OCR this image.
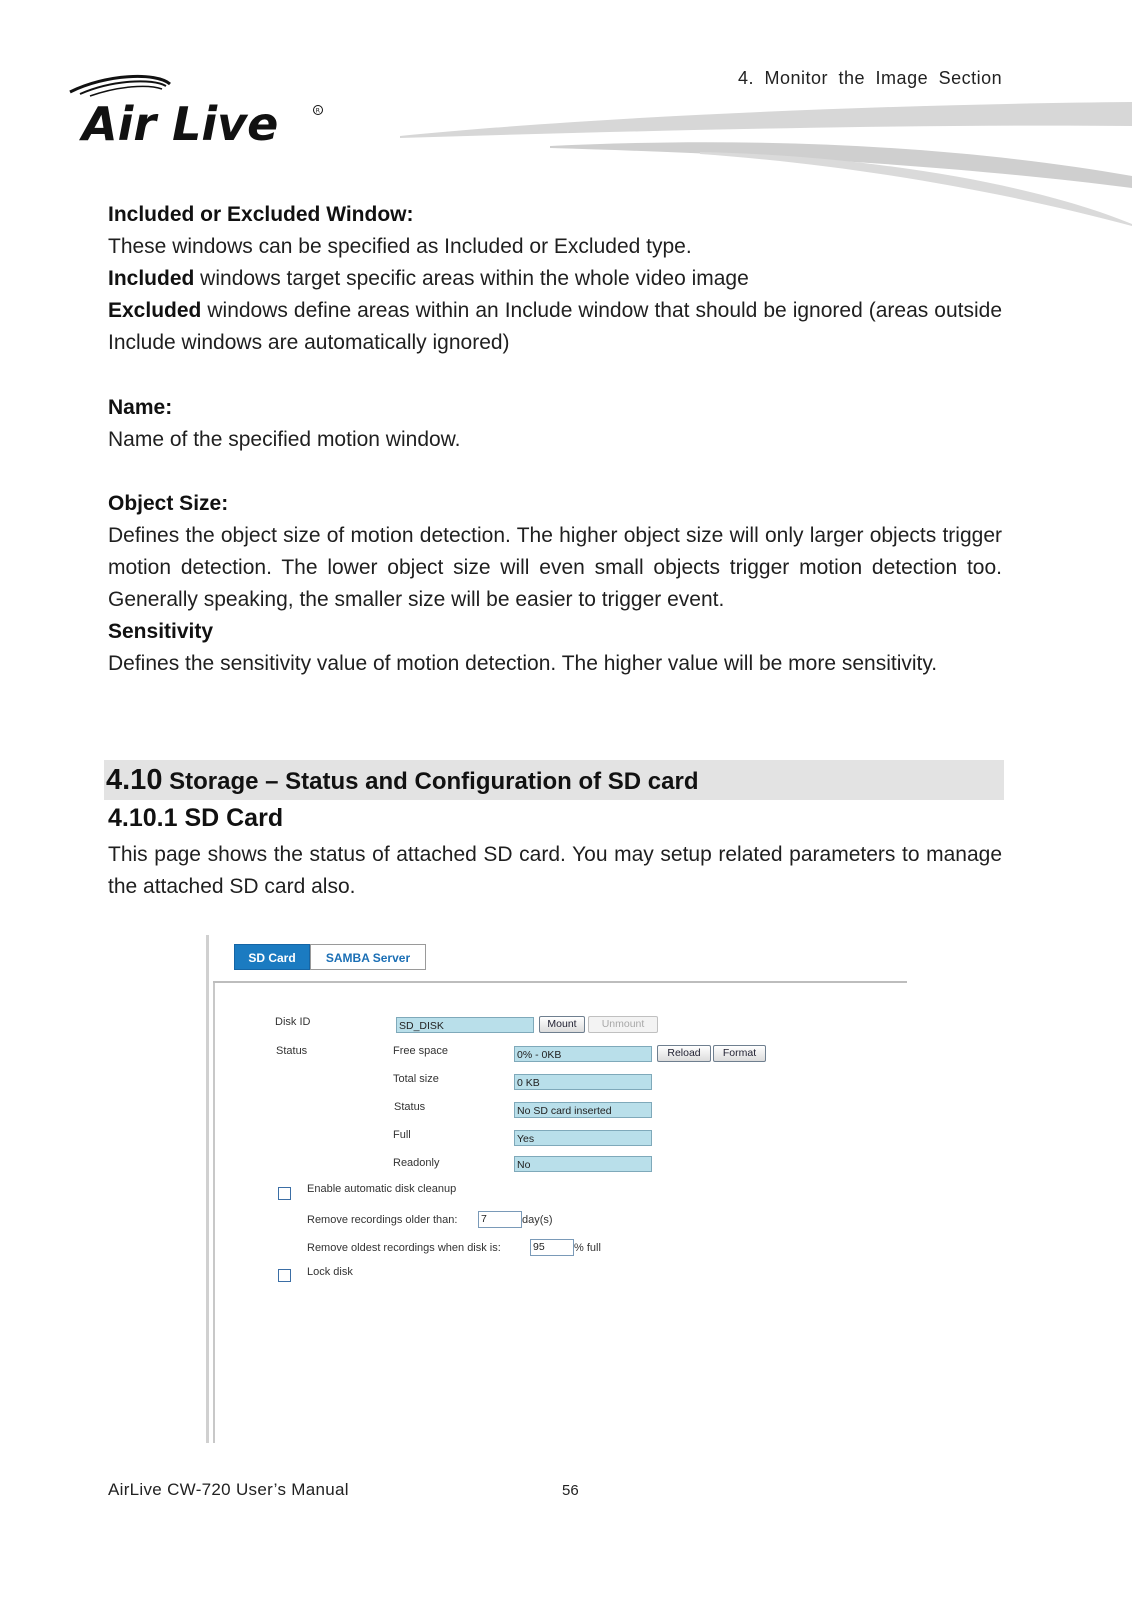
Air Live	R
4. Monitor the Image Section
Included or Excluded Window:
These windows can be specified as Included or Excluded type.
Included windows target specific areas within the whole video image
Excluded windows define areas within an Include window that should be ignored (areas outside Include windows are automatically ignored)
Name:
Name of the specified motion window.
Object Size:
Defines the object size of motion detection. The higher object size will only larger objects trigger motion detection. The lower object size will even small objects trigger motion detection too. Generally speaking, the smaller size will be easier to trigger event.
Sensitivity
Defines the sensitivity value of motion detection. The higher value will be more sensitivity.
4.10 Storage – Status and Configuration of SD card
4.10.1 SD Card
This page shows the status of attached SD card. You may setup related parameters to manage the attached SD card also.
SD Card	SAMBA Server
Disk ID	SD_DISK	Mount	Unmount
Status	Free space	0% - 0KB	Reload	Format
Total size	0 KB
Status	No SD card inserted
Full	Yes
Readonly	No
Enable automatic disk cleanup
Remove recordings older than: 7	day(s)
Remove oldest recordings when disk is:	95	% full
Lock disk
AirLive CW-720 User’s Manual	56
